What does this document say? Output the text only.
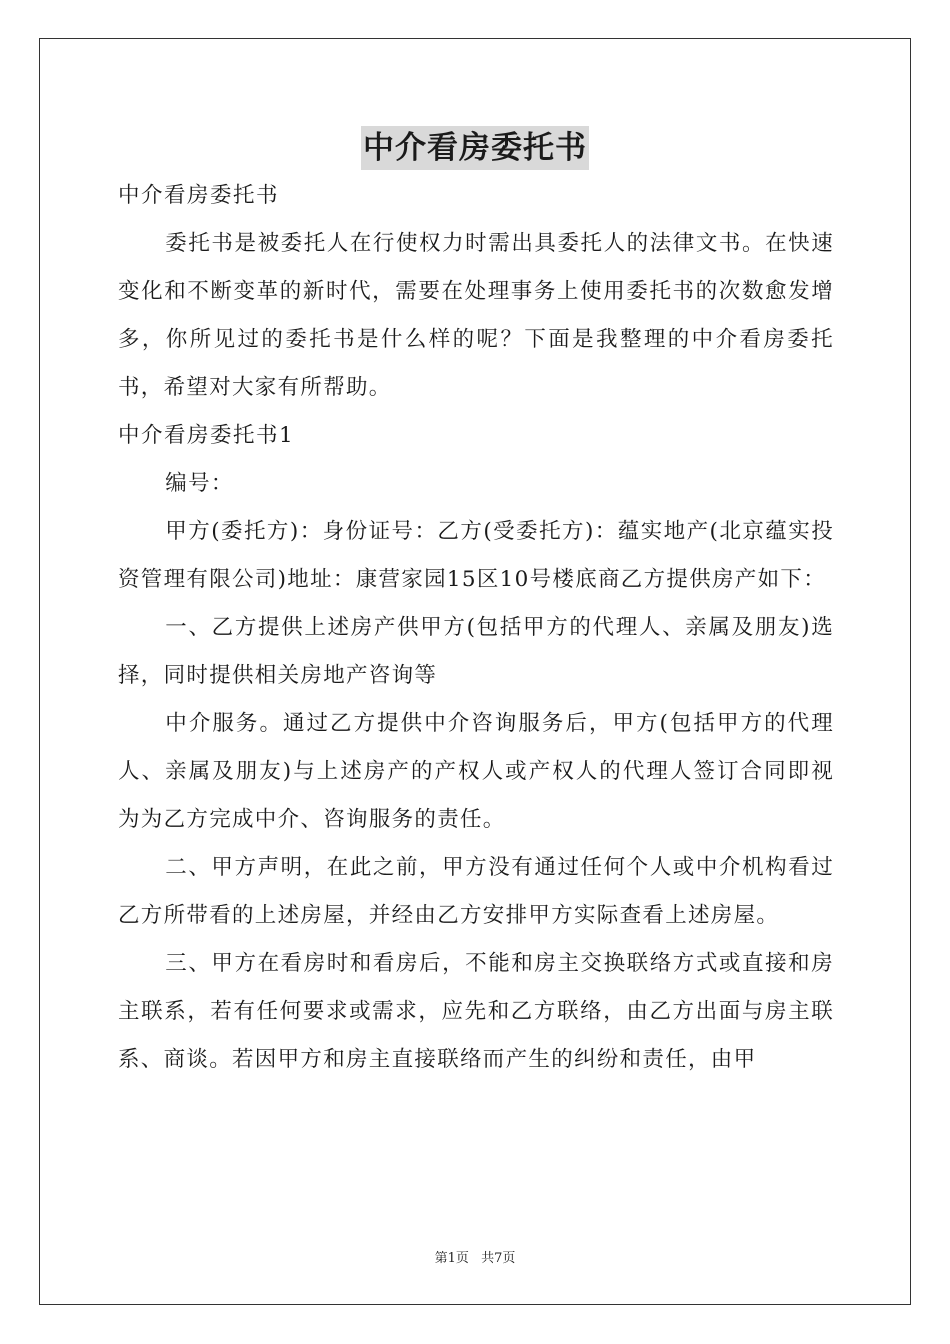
中介看房委托书

中介看房委托书

委托书是被委托人在行使权力时需出具委托人的法律文书。在快速变化和不断变革的新时代，需要在处理事务上使用委托书的次数愈发增多，你所见过的委托书是什么样的呢？下面是我整理的中介看房委托书，希望对大家有所帮助。

中介看房委托书1

编号：

甲方(委托方)：身份证号：乙方(受委托方)：蕴实地产(北京蕴实投资管理有限公司)地址：康营家园15区10号楼底商乙方提供房产如下：

一、乙方提供上述房产供甲方(包括甲方的代理人、亲属及朋友)选择，同时提供相关房地产咨询等

中介服务。通过乙方提供中介咨询服务后，甲方(包括甲方的代理人、亲属及朋友)与上述房产的产权人或产权人的代理人签订合同即视为为乙方完成中介、咨询服务的责任。

二、甲方声明，在此之前，甲方没有通过任何个人或中介机构看过乙方所带看的上述房屋，并经由乙方安排甲方实际查看上述房屋。

三、甲方在看房时和看房后，不能和房主交换联络方式或直接和房主联系，若有任何要求或需求，应先和乙方联络，由乙方出面与房主联系、商谈。若因甲方和房主直接联络而产生的纠纷和责任，由甲

第1页 共7页
